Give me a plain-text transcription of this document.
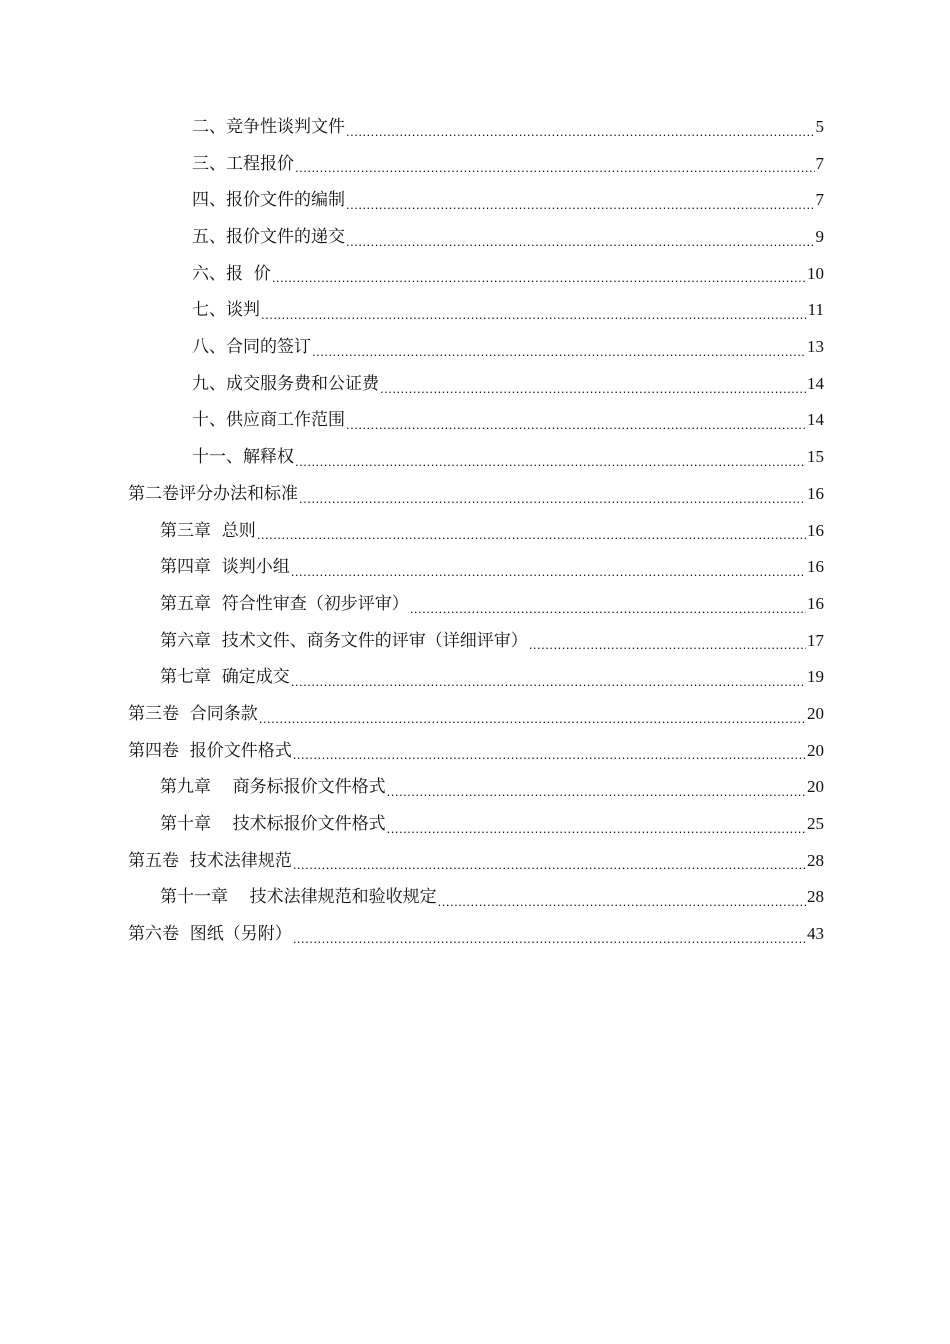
二、竞争性谈判文件 .....	5
三、工程报价 .....	7
四、报价文件的编制 .....	7
五、报价文件的递交 .....	9
六、报  价 .....	10
七、谈判 .....	11
八、合同的签订 .....	13
九、成交服务费和公证费 .....	14
十、供应商工作范围 .....	14
十一、解释权 .....	15
第二卷评分办法和标准 .....	16
第三章  总则 .....	16
第四章  谈判小组 .....	16
第五章  符合性审查（初步评审） .....	16
第六章  技术文件、商务文件的评审（详细评审） .....	17
第七章  确定成交 .....	19
第三卷  合同条款 .....	20
第四卷  报价文件格式 .....	20
第九章    商务标报价文件格式 .....	20
第十章    技术标报价文件格式 .....	25
第五卷  技术法律规范 .....	28
第十一章    技术法律规范和验收规定 .....	28
第六卷  图纸（另附） .....	43
